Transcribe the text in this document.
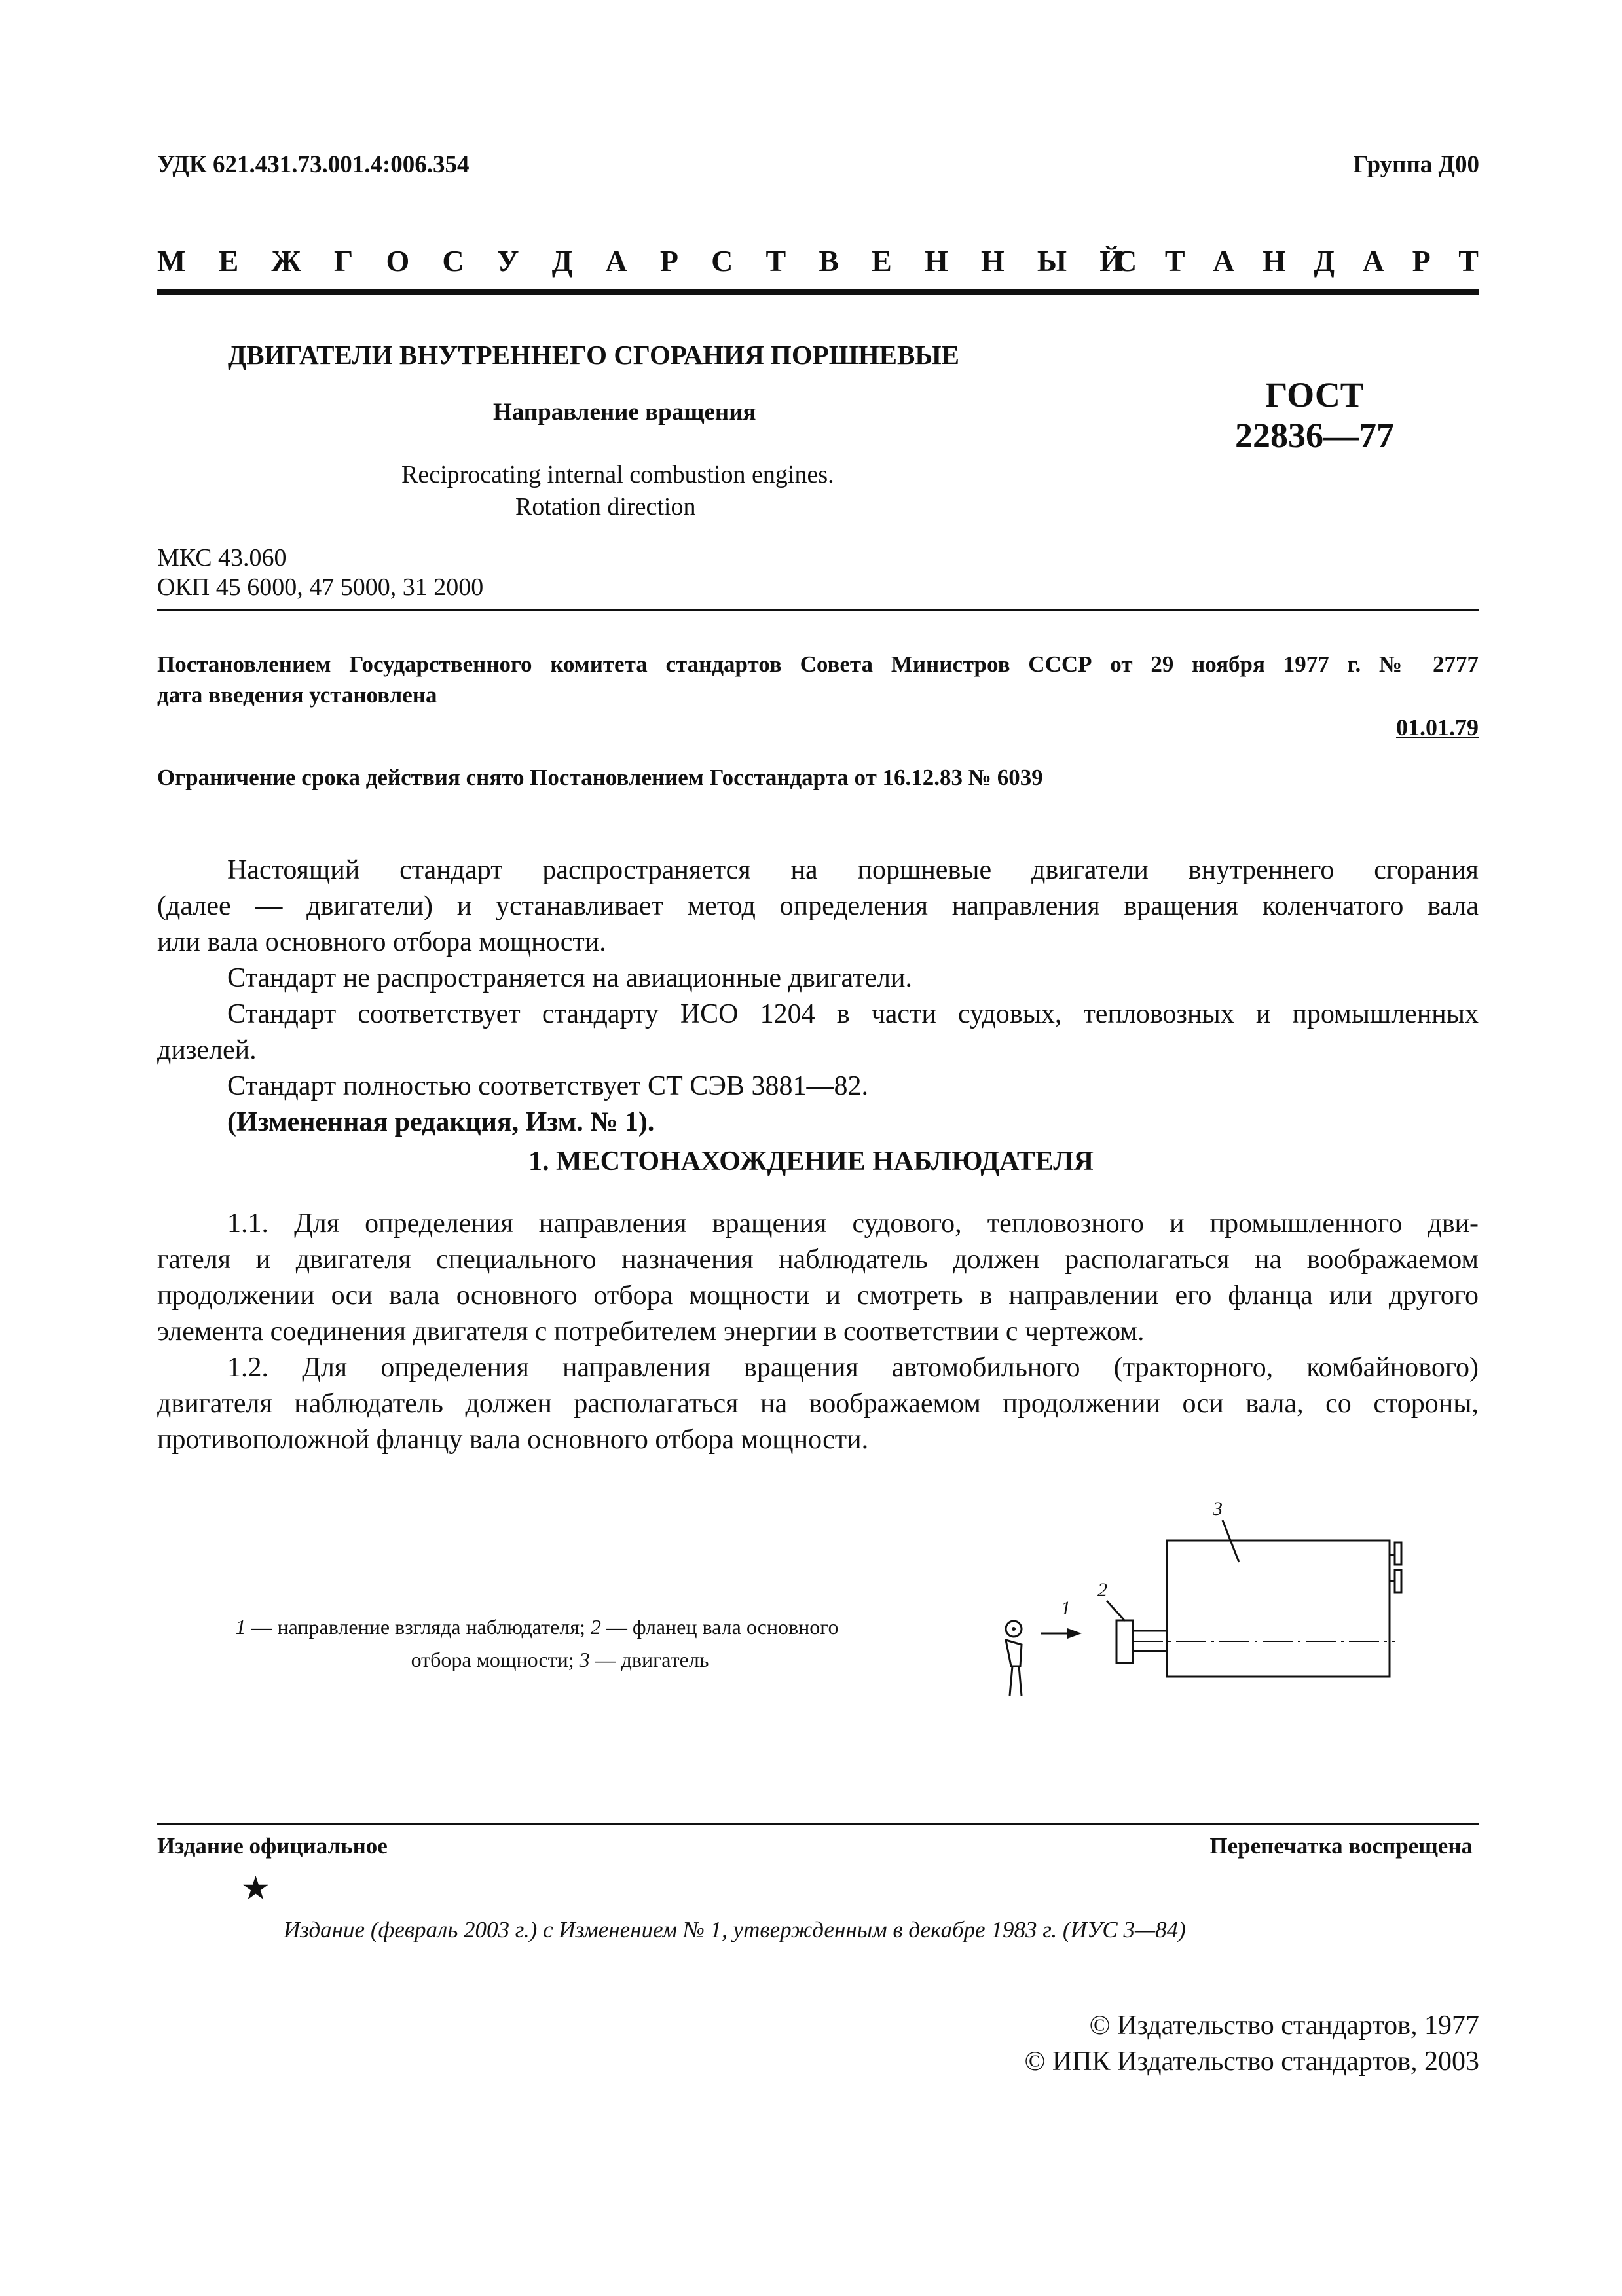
УДК 621.431.73.001.4:006.354	Группа Д00
М Е Ж Г О С У Д А Р С Т В Е Н Н Ы Й
С Т А Н Д А Р Т
ДВИГАТЕЛИ ВНУТРЕННЕГО СГОРАНИЯ ПОРШНЕВЫЕ
Направление вращения
Reciprocating internal combustion engines.
Rotation direction
ГОСТ
22836—77
МКС 43.060
ОКП 45 6000, 47 5000, 31 2000
Постановлением Государственного комитета стандартов Совета Министров СССР от 29 ноября 1977 г. № 2777
дата введения установлена
01.01.79
Ограничение срока действия снято Постановлением Госстандарта от 16.12.83 № 6039
Настоящий стандарт распространяется на поршневые двигатели внутреннего сгорания
(далее — двигатели) и устанавливает метод определения направления вращения коленчатого вала
или вала основного отбора мощности.
Стандарт не распространяется на авиационные двигатели.
Стандарт соответствует стандарту ИСО 1204 в части судовых, тепловозных и промышленных
дизелей.
Стандарт полностью соответствует СТ СЭВ 3881—82.
(Измененная редакция, Изм. № 1).
1. МЕСТОНАХОЖДЕНИЕ НАБЛЮДАТЕЛЯ
1.1. Для определения направления вращения судового, тепловозного и промышленного дви-
гателя и двигателя специального назначения наблюдатель должен располагаться на воображаемом
продолжении оси вала основного отбора мощности и смотреть в направлении его фланца или другого
элемента соединения двигателя с потребителем энергии в соответствии с чертежом.
1.2. Для определения направления вращения автомобильного (тракторного, комбайнового)
двигателя наблюдатель должен располагаться на воображаемом продолжении оси вала, со стороны,
противоположной фланцу вала основного отбора мощности.
1 — направление взгляда наблюдателя; 2 — фланец вала основного
отбора мощности; 3 — двигатель
1
2
3
Издание официальное	Перепечатка воспрещена
★
Издание (февраль 2003 г.) с Изменением № 1, утвержденным в декабре 1983 г. (ИУС 3—84)
© Издательство стандартов, 1977
© ИПК Издательство стандартов, 2003
